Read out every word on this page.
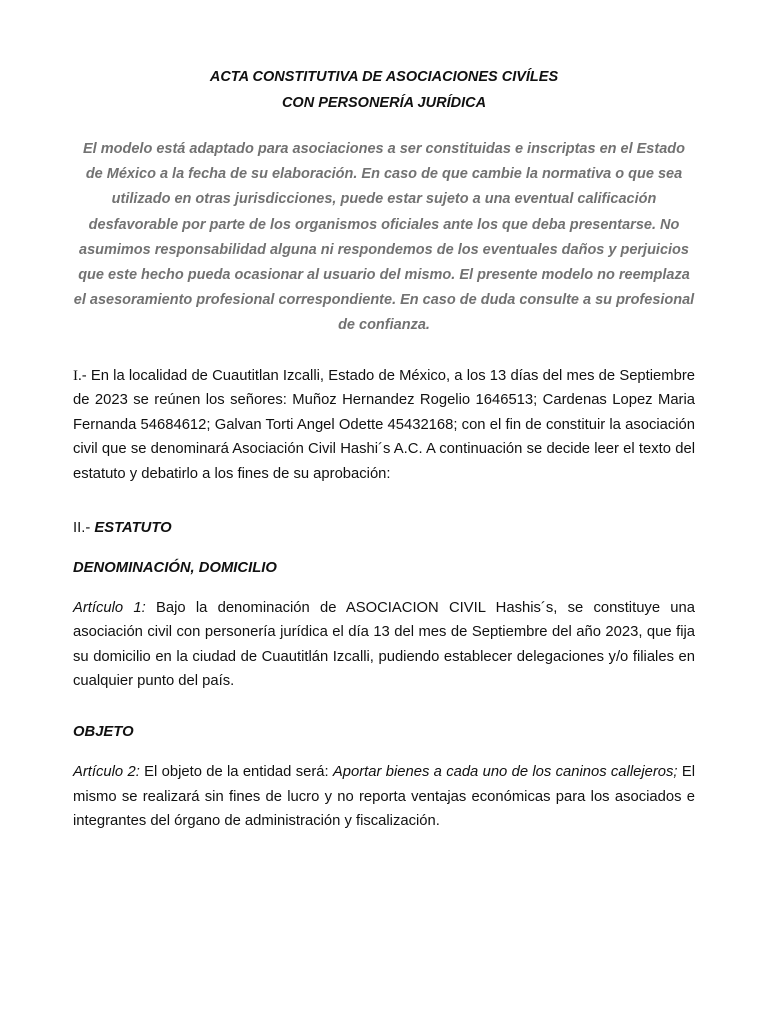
ACTA CONSTITUTIVA DE ASOCIACIONES CIVÍLES

CON PERSONERÍA JURÍDICA

El modelo está adaptado para asociaciones a ser constituidas e inscriptas en el Estado de México a la fecha de su elaboración. En caso de que cambie la normativa o que sea utilizado en otras jurisdicciones, puede estar sujeto a una eventual calificación desfavorable por parte de los organismos oficiales ante los que deba presentarse. No asumimos responsabilidad alguna ni respondemos de los eventuales daños y perjuicios que este hecho pueda ocasionar al usuario del mismo. El presente modelo no reemplaza el asesoramiento profesional correspondiente. En caso de duda consulte a su profesional de confianza.

I.- En la localidad de Cuautitlan Izcalli, Estado de México, a los 13 días del mes de Septiembre de 2023 se reúnen los señores: Muñoz Hernandez Rogelio 1646513; Cardenas Lopez Maria Fernanda 54684612; Galvan Torti Angel Odette 45432168; con el fin de constituir la asociación civil que se denominará Asociación Civil Hashi´s A.C. A continuación se decide leer el texto del estatuto y debatirlo a los fines de su aprobación:

II.- ESTATUTO

DENOMINACIÓN, DOMICILIO

Artículo 1: Bajo la denominación de ASOCIACION CIVIL Hashis´s, se constituye una asociación civil con personería jurídica el día 13 del mes de Septiembre del año 2023, que fija su domicilio en la ciudad de Cuautitlán Izcalli, pudiendo establecer delegaciones y/o filiales en cualquier punto del país.

OBJETO

Artículo 2: El objeto de la entidad será: Aportar bienes a cada uno de los caninos callejeros; El mismo se realizará sin fines de lucro y no reporta ventajas económicas para los asociados e integrantes del órgano de administración y fiscalización.
